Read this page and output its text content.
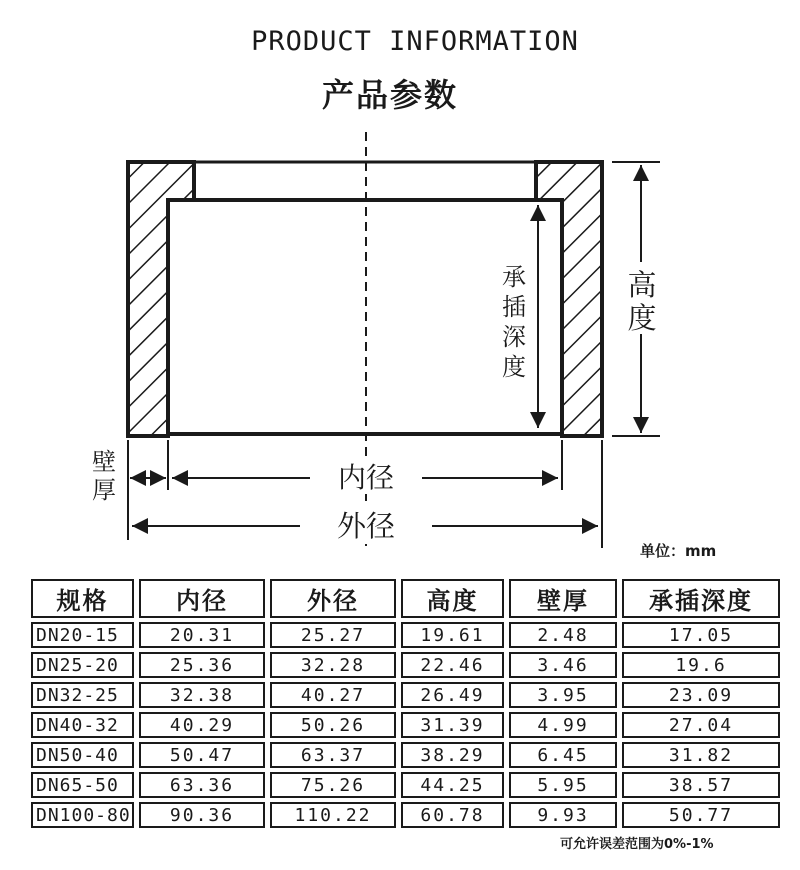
PRODUCT INFORMATION
产品参数
承
插
深
度
高
度
壁
厚	内径
外径
单位：mm
规格	内径	外径	高度	壁厚	承插深度
DN20-15	20.31	25.27	19.61	2.48	17.05
DN25-20	25.36	32.28	22.46	3.46	19.6
DN32-25	32.38	40.27	26.49	3.95	23.09
DN40-32	40.29	50.26	31.39	4.99	27.04
DN50-40	50.47	63.37	38.29	6.45	31.82
DN65-50	63.36	75.26	44.25	5.95	38.57
DN100-80	90.36	110.22	60.78	9.93	50.77
可允许误差范围为0%-1%
